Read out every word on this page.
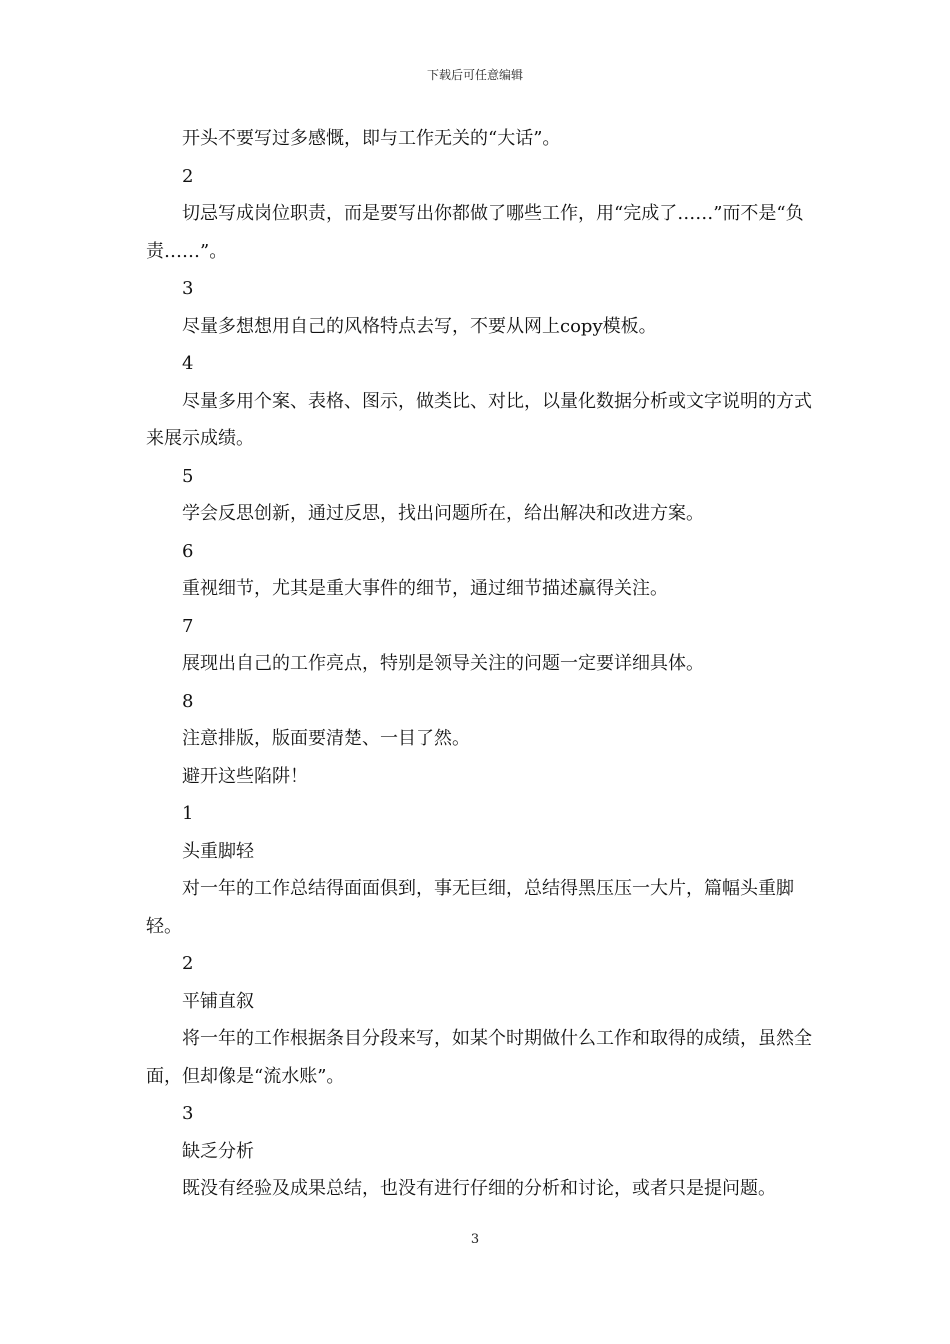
下载后可任意编辑
开头不要写过多感慨，即与工作无关的“大话”。
2
切忌写成岗位职责，而是要写出你都做了哪些工作，用“完成了……”而不是“负责……”。
3
尽量多想想用自己的风格特点去写，不要从网上copy模板。
4
尽量多用个案、表格、图示，做类比、对比，以量化数据分析或文字说明的方式来展示成绩。
5
学会反思创新，通过反思，找出问题所在，给出解决和改进方案。
6
重视细节，尤其是重大事件的细节，通过细节描述赢得关注。
7
展现出自己的工作亮点，特别是领导关注的问题一定要详细具体。
8
注意排版，版面要清楚、一目了然。
避开这些陷阱！
1
头重脚轻
对一年的工作总结得面面俱到，事无巨细，总结得黑压压一大片，篇幅头重脚轻。
2
平铺直叙
将一年的工作根据条目分段来写，如某个时期做什么工作和取得的成绩，虽然全面，但却像是“流水账”。
3
缺乏分析
既没有经验及成果总结，也没有进行仔细的分析和讨论，或者只是提问题。
3
